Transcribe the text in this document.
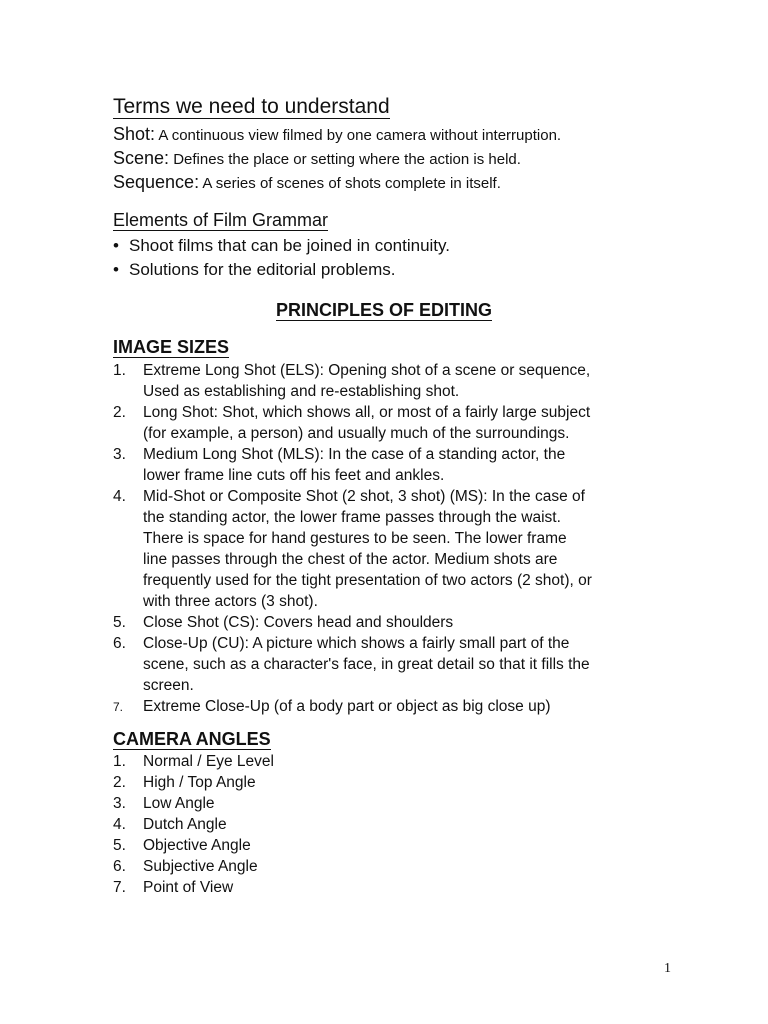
Terms we need to understand
Shot: A continuous view filmed by one camera without interruption.
Scene: Defines the place or setting where the action is held.
Sequence: A series of scenes of shots complete in itself.
Elements of Film Grammar
• Shoot films that can be joined in continuity.
• Solutions for the editorial problems.
PRINCIPLES OF EDITING
IMAGE SIZES
1. Extreme Long Shot (ELS): Opening shot of a scene or sequence,
Used as establishing and re-establishing shot.
2. Long Shot: Shot, which shows all, or most of a fairly large subject
(for example, a person) and usually much of the surroundings.
3. Medium Long Shot (MLS): In the case of a standing actor, the
lower frame line cuts off his feet and ankles.
4. Mid-Shot or Composite Shot (2 shot, 3 shot) (MS): In the case of
the standing actor, the lower frame passes through the waist.
There is space for hand gestures to be seen. The lower frame
line passes through the chest of the actor. Medium shots are
frequently used for the tight presentation of two actors (2 shot), or
with three actors (3 shot).
5. Close Shot (CS): Covers head and shoulders
6. Close-Up (CU): A picture which shows a fairly small part of the
scene, such as a character's face, in great detail so that it fills the
screen.
7. Extreme Close-Up (of a body part or object as big close up)
CAMERA ANGLES
1. Normal / Eye Level
2. High / Top Angle
3. Low Angle
4. Dutch Angle
5. Objective Angle
6. Subjective Angle
7. Point of View
1
